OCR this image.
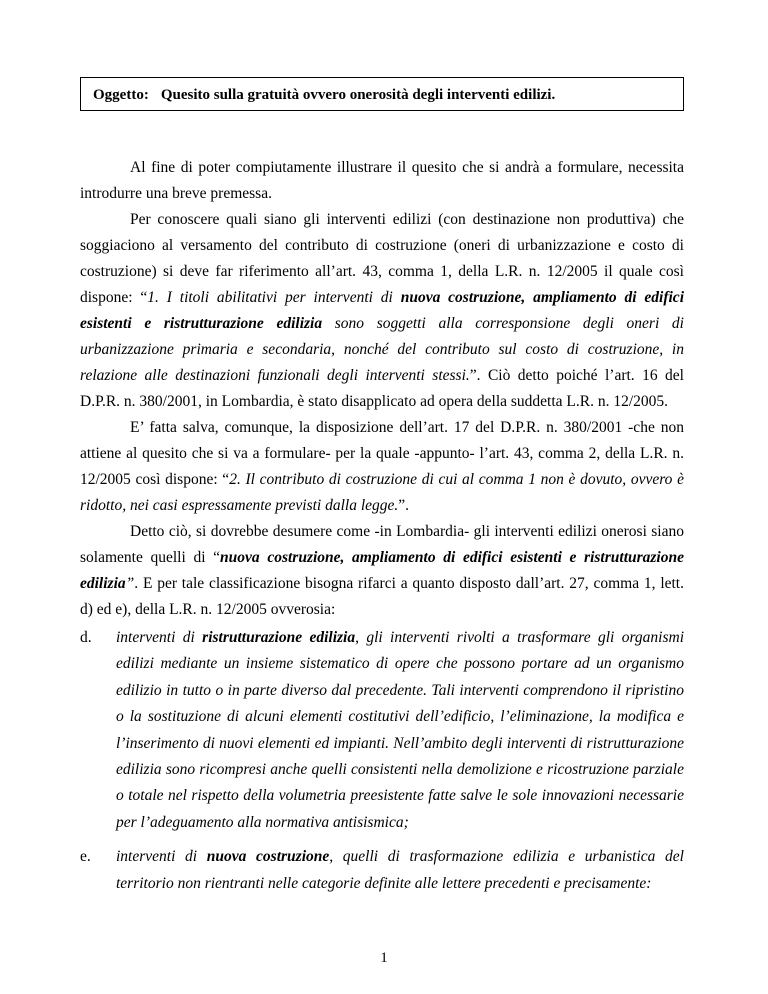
Oggetto: Quesito sulla gratuità ovvero onerosità degli interventi edilizi.

Al fine di poter compiutamente illustrare il quesito che si andrà a formulare, necessita introdurre una breve premessa.

Per conoscere quali siano gli interventi edilizi (con destinazione non produttiva) che soggiaciono al versamento del contributo di costruzione (oneri di urbanizzazione e costo di costruzione) si deve far riferimento all’art. 43, comma 1, della L.R. n. 12/2005 il quale così dispone: “1. I titoli abilitativi per interventi di nuova costruzione, ampliamento di edifici esistenti e ristrutturazione edilizia sono soggetti alla corresponsione degli oneri di urbanizzazione primaria e secondaria, nonché del contributo sul costo di costruzione, in relazione alle destinazioni funzionali degli interventi stessi.”. Ciò detto poiché l’art. 16 del D.P.R. n. 380/2001, in Lombardia, è stato disapplicato ad opera della suddetta L.R. n. 12/2005.

E’ fatta salva, comunque, la disposizione dell’art. 17 del D.P.R. n. 380/2001 -che non attiene al quesito che si va a formulare- per la quale -appunto- l’art. 43, comma 2, della L.R. n. 12/2005 così dispone: “2. Il contributo di costruzione di cui al comma 1 non è dovuto, ovvero è ridotto, nei casi espressamente previsti dalla legge.”.

Detto ciò, si dovrebbe desumere come -in Lombardia- gli interventi edilizi onerosi siano solamente quelli di “nuova costruzione, ampliamento di edifici esistenti e ristrutturazione edilizia”. E per tale classificazione bisogna rifarci a quanto disposto dall’art. 27, comma 1, lett. d) ed e), della L.R. n. 12/2005 ovverosia:

d. interventi di ristrutturazione edilizia, gli interventi rivolti a trasformare gli organismi edilizi mediante un insieme sistematico di opere che possono portare ad un organismo edilizio in tutto o in parte diverso dal precedente. Tali interventi comprendono il ripristino o la sostituzione di alcuni elementi costitutivi dell’edificio, l’eliminazione, la modifica e l’inserimento di nuovi elementi ed impianti. Nell’ambito degli interventi di ristrutturazione edilizia sono ricompresi anche quelli consistenti nella demolizione e ricostruzione parziale o totale nel rispetto della volumetria preesistente fatte salve le sole innovazioni necessarie per l’adeguamento alla normativa antisismica;

e. interventi di nuova costruzione, quelli di trasformazione edilizia e urbanistica del territorio non rientranti nelle categorie definite alle lettere precedenti e precisamente:

1
